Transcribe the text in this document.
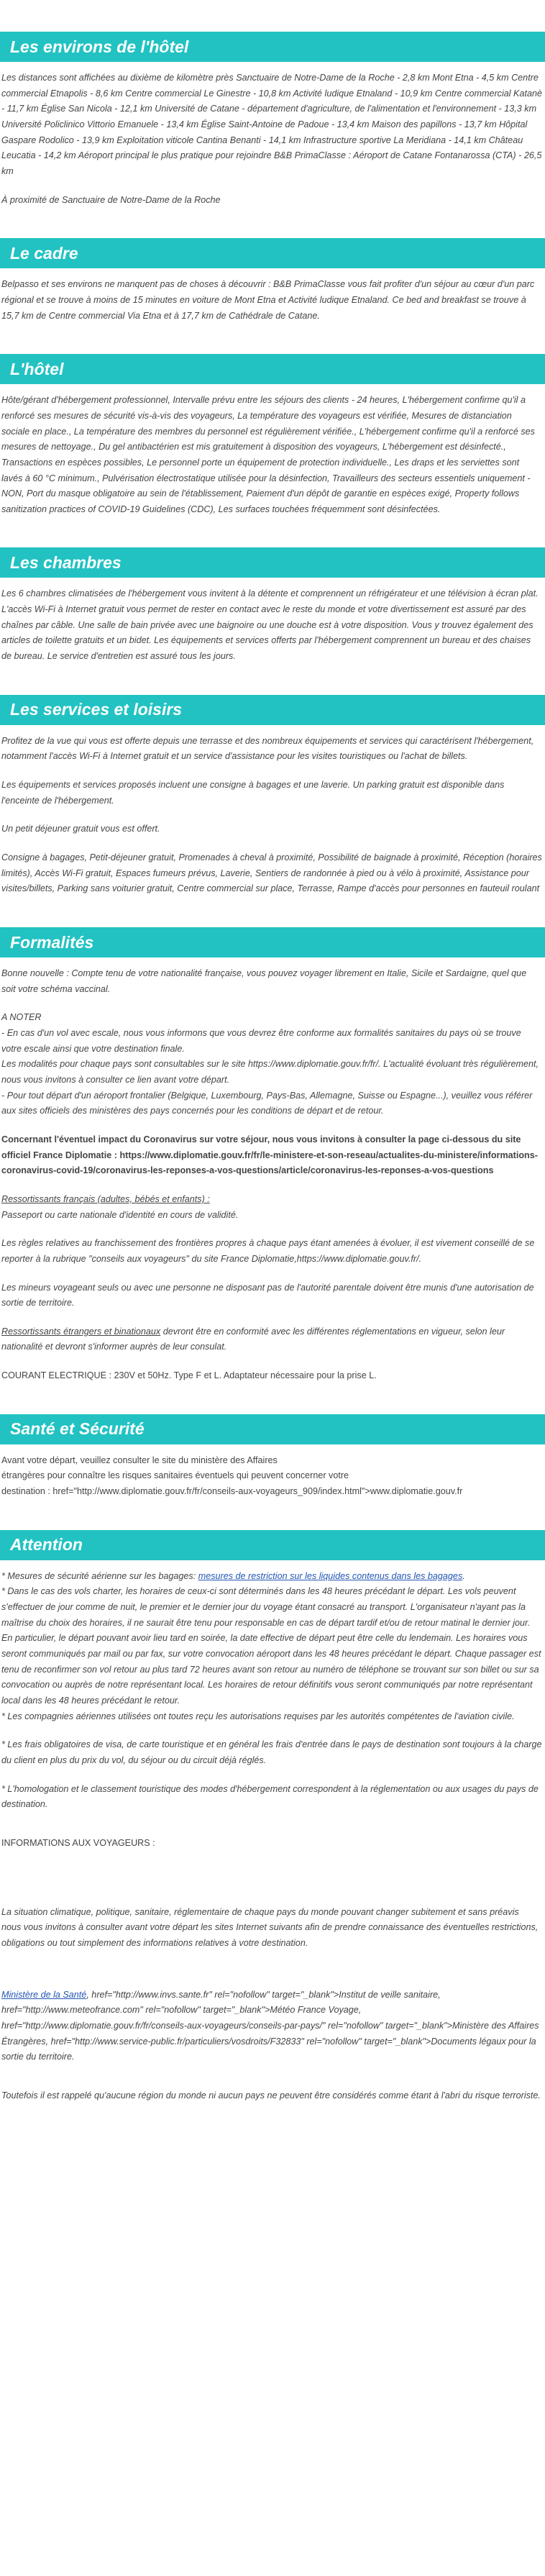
Les environs de l'hôtel

Les distances sont affichées au dixième de kilomètre près Sanctuaire de Notre-Dame de la Roche - 2,8 km Mont Etna - 4,5 km Centre commercial Etnapolis - 8,6 km Centre commercial Le Ginestre - 10,8 km Activité ludique Etnaland - 10,9 km Centre commercial Katanè - 11,7 km Église San Nicola - 12,1 km Université de Catane - département d'agriculture, de l'alimentation et l'environnement - 13,3 km Université Policlinico Vittorio Emanuele - 13,4 km Église Saint-Antoine de Padoue - 13,4 km Maison des papillons - 13,7 km Hôpital Gaspare Rodolico - 13,9 km Exploitation viticole Cantina Benanti - 14,1 km Infrastructure sportive La Meridiana - 14,1 km Château Leucatia - 14,2 km Aéroport principal le plus pratique pour rejoindre B&B PrimaClasse : Aéroport de Catane Fontanarossa (CTA) - 26,5 km

À proximité de Sanctuaire de Notre-Dame de la Roche

Le cadre

Belpasso et ses environs ne manquent pas de choses à découvrir : B&B PrimaClasse vous fait profiter d'un séjour au cœur d'un parc régional et se trouve à moins de 15 minutes en voiture de Mont Etna et Activité ludique Etnaland. Ce bed and breakfast se trouve à 15,7 km de Centre commercial Via Etna et à 17,7 km de Cathédrale de Catane.

L'hôtel

Hôte/gérant d'hébergement professionnel, Intervalle prévu entre les séjours des clients - 24 heures, L'hébergement confirme qu'il a renforcé ses mesures de sécurité vis-à-vis des voyageurs, La température des voyageurs est vérifiée, Mesures de distanciation sociale en place., La température des membres du personnel est régulièrement vérifiée., L'hébergement confirme qu'il a renforcé ses mesures de nettoyage., Du gel antibactérien est mis gratuitement à disposition des voyageurs, L'hébergement est désinfecté., Transactions en espèces possibles, Le personnel porte un équipement de protection individuelle., Les draps et les serviettes sont lavés à 60 °C minimum., Pulvérisation électrostatique utilisée pour la désinfection, Travailleurs des secteurs essentiels uniquement - NON, Port du masque obligatoire au sein de l'établissement, Paiement d'un dépôt de garantie en espèces exigé, Property follows sanitization practices of COVID-19 Guidelines (CDC), Les surfaces touchées fréquemment sont désinfectées.

Les chambres

Les 6 chambres climatisées de l'hébergement vous invitent à la détente et comprennent un réfrigérateur et une télévision à écran plat. L'accès Wi-Fi à Internet gratuit vous permet de rester en contact avec le reste du monde et votre divertissement est assuré par des chaînes par câble. Une salle de bain privée avec une baignoire ou une douche est à votre disposition. Vous y trouvez également des articles de toilette gratuits et un bidet. Les équipements et services offerts par l'hébergement comprennent un bureau et des chaises de bureau. Le service d'entretien est assuré tous les jours.

Les services et loisirs

Profitez de la vue qui vous est offerte depuis une terrasse et des nombreux équipements et services qui caractérisent l'hébergement, notamment l'accès Wi-Fi à Internet gratuit et un service d'assistance pour les visites touristiques ou l'achat de billets.

Les équipements et services proposés incluent une consigne à bagages et une laverie. Un parking gratuit est disponible dans l'enceinte de l'hébergement.

Un petit déjeuner gratuit vous est offert.

Consigne à bagages, Petit-déjeuner gratuit, Promenades à cheval à proximité, Possibilité de baignade à proximité, Réception (horaires limités), Accès Wi-Fi gratuit, Espaces fumeurs prévus, Laverie, Sentiers de randonnée à pied ou à vélo à proximité, Assistance pour visites/billets, Parking sans voiturier gratuit, Centre commercial sur place, Terrasse, Rampe d'accès pour personnes en fauteuil roulant

Formalités

Bonne nouvelle : Compte tenu de votre nationalité française, vous pouvez voyager librement en Italie, Sicile et Sardaigne, quel que soit votre schéma vaccinal.

A NOTER

- En cas d'un vol avec escale, nous vous informons que vous devrez être conforme aux formalités sanitaires du pays où se trouve votre escale ainsi que votre destination finale.

Les modalités pour chaque pays sont consultables sur le site https://www.diplomatie.gouv.fr/fr/. L'actualité évoluant très régulièrement, nous vous invitons à consulter ce lien avant votre départ.

- Pour tout départ d'un aéroport frontalier (Belgique, Luxembourg, Pays-Bas, Allemagne, Suisse ou Espagne...), veuillez vous référer aux sites officiels des ministères des pays concernés pour les conditions de départ et de retour.

Concernant l'éventuel impact du Coronavirus sur votre séjour, nous vous invitons à consulter la page ci-dessous du site officiel France Diplomatie : https://www.diplomatie.gouv.fr/fr/le-ministere-et-son-reseau/actualites-du-ministere/informations-coronavirus-covid-19/coronavirus-les-reponses-a-vos-questions/article/coronavirus-les-reponses-a-vos-questions

Ressortissants français (adultes, bébés et enfants) :

Passeport ou carte nationale d'identité en cours de validité.

Les règles relatives au franchissement des frontières propres à chaque pays étant amenées à évoluer, il est vivement conseillé de se reporter à la rubrique "conseils aux voyageurs" du site France Diplomatie,https://www.diplomatie.gouv.fr/.

Les mineurs voyageant seuls ou avec une personne ne disposant pas de l'autorité parentale doivent être munis d'une autorisation de sortie de territoire.

Ressortissants étrangers et binationaux devront être en conformité avec les différentes réglementations en vigueur, selon leur nationalité et devront s'informer auprès de leur consulat.

COURANT ELECTRIQUE : 230V et 50Hz. Type F et L. Adaptateur nécessaire pour la prise L.

Santé et Sécurité

Avant votre départ, veuillez consulter le site du ministère des Affaires

étrangères pour connaître les risques sanitaires éventuels qui peuvent concerner votre

destination : href="http://www.diplomatie.gouv.fr/fr/conseils-aux-voyageurs_909/index.html">www.diplomatie.gouv.fr

Attention

* Mesures de sécurité aérienne sur les bagages: mesures de restriction sur les liquides contenus dans les bagages.

* Dans le cas des vols charter, les horaires de ceux-ci sont déterminés dans les 48 heures précédant le départ. Les vols peuvent s'effectuer de jour comme de nuit, le premier et le dernier jour du voyage étant consacré au transport. L'organisateur n'ayant pas la maîtrise du choix des horaires, il ne saurait être tenu pour responsable en cas de départ tardif et/ou de retour matinal le dernier jour. En particulier, le départ pouvant avoir lieu tard en soirée, la date effective de départ peut être celle du lendemain. Les horaires vous seront communiqués par mail ou par fax, sur votre convocation aéroport dans les 48 heures précédant le départ. Chaque passager est tenu de reconfirmer son vol retour au plus tard 72 heures avant son retour au numéro de téléphone se trouvant sur son billet ou sur sa convocation ou auprès de notre représentant local. Les horaires de retour définitifs vous seront communiqués par notre représentant local dans les 48 heures précédant le retour.

* Les compagnies aériennes utilisées ont toutes reçu les autorisations requises par les autorités compétentes de l'aviation civile.

* Les frais obligatoires de visa, de carte touristique et en général les frais d'entrée dans le pays de destination sont toujours à la charge du client en plus du prix du vol, du séjour ou du circuit déjà réglés.

* L'homologation et le classement touristique des modes d'hébergement correspondent à la réglementation ou aux usages du pays de destination.

INFORMATIONS AUX VOYAGEURS :

La situation climatique, politique, sanitaire, réglementaire de chaque pays du monde pouvant changer subitement et sans préavis

nous vous invitons à consulter avant votre départ les sites Internet suivants afin de prendre connaissance des éventuelles restrictions, obligations ou tout simplement des informations relatives à votre destination.

Ministère de la Santé, href="http://www.invs.sante.fr" rel="nofollow" target="_blank">Institut de veille sanitaire, href="http://www.meteofrance.com" rel="nofollow" target="_blank">Météo France Voyage, href="http://www.diplomatie.gouv.fr/fr/conseils-aux-voyageurs/conseils-par-pays/" rel="nofollow" target="_blank">Ministère des Affaires Étrangères, href="http://www.service-public.fr/particuliers/vosdroits/F32833" rel="nofollow" target="_blank">Documents légaux pour la sortie du territoire.

Toutefois il est rappelé qu'aucune région du monde ni aucun pays ne peuvent être considérés comme étant à l'abri du risque terroriste.
